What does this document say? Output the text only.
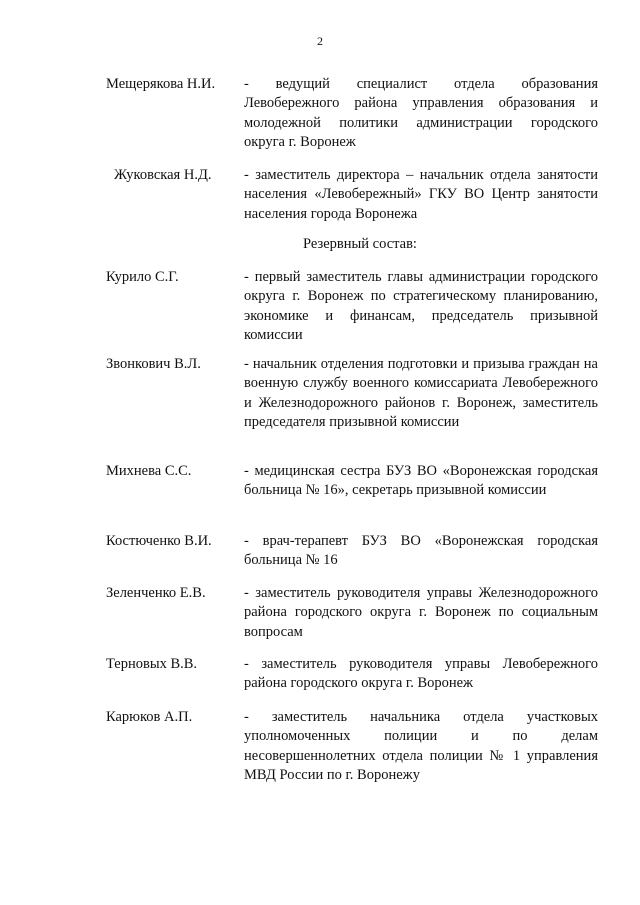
2
Мещерякова Н.И. - ведущий специалист отдела образования Левобережного района управления образования и молодежной политики администрации городского округа г. Воронеж
Жуковская Н.Д. - заместитель директора – начальник отдела занятости населения «Левобережный» ГКУ ВО Центр занятости населения города Воронежа
Резервный состав:
Курило С.Г.	- первый заместитель главы администрации городского округа г. Воронеж по стратегическому планированию, экономике и финансам, председатель призывной комиссии
Звонкович В.Л.	- начальник отделения подготовки и призыва граждан на военную службу военного комиссариата Левобережного и Железнодорожного районов г. Воронеж, заместитель председателя призывной комиссии
Михнева С.С.	- медицинская сестра БУЗ ВО «Воронежская городская больница № 16», секретарь призывной комиссии
Костюченко В.И. - врач-терапевт БУЗ ВО «Воронежская городская больница № 16
Зеленченко Е.В.	- заместитель руководителя управы Железнодорожного района городского округа г. Воронеж по социальным вопросам
Терновых В.В.	- заместитель руководителя управы Левобережного района городского округа г. Воронеж
Карюков А.П.	- заместитель начальника отдела участковых уполномоченных полиции и по делам несовершеннолетних отдела полиции № 1 управления МВД России по г. Воронежу
